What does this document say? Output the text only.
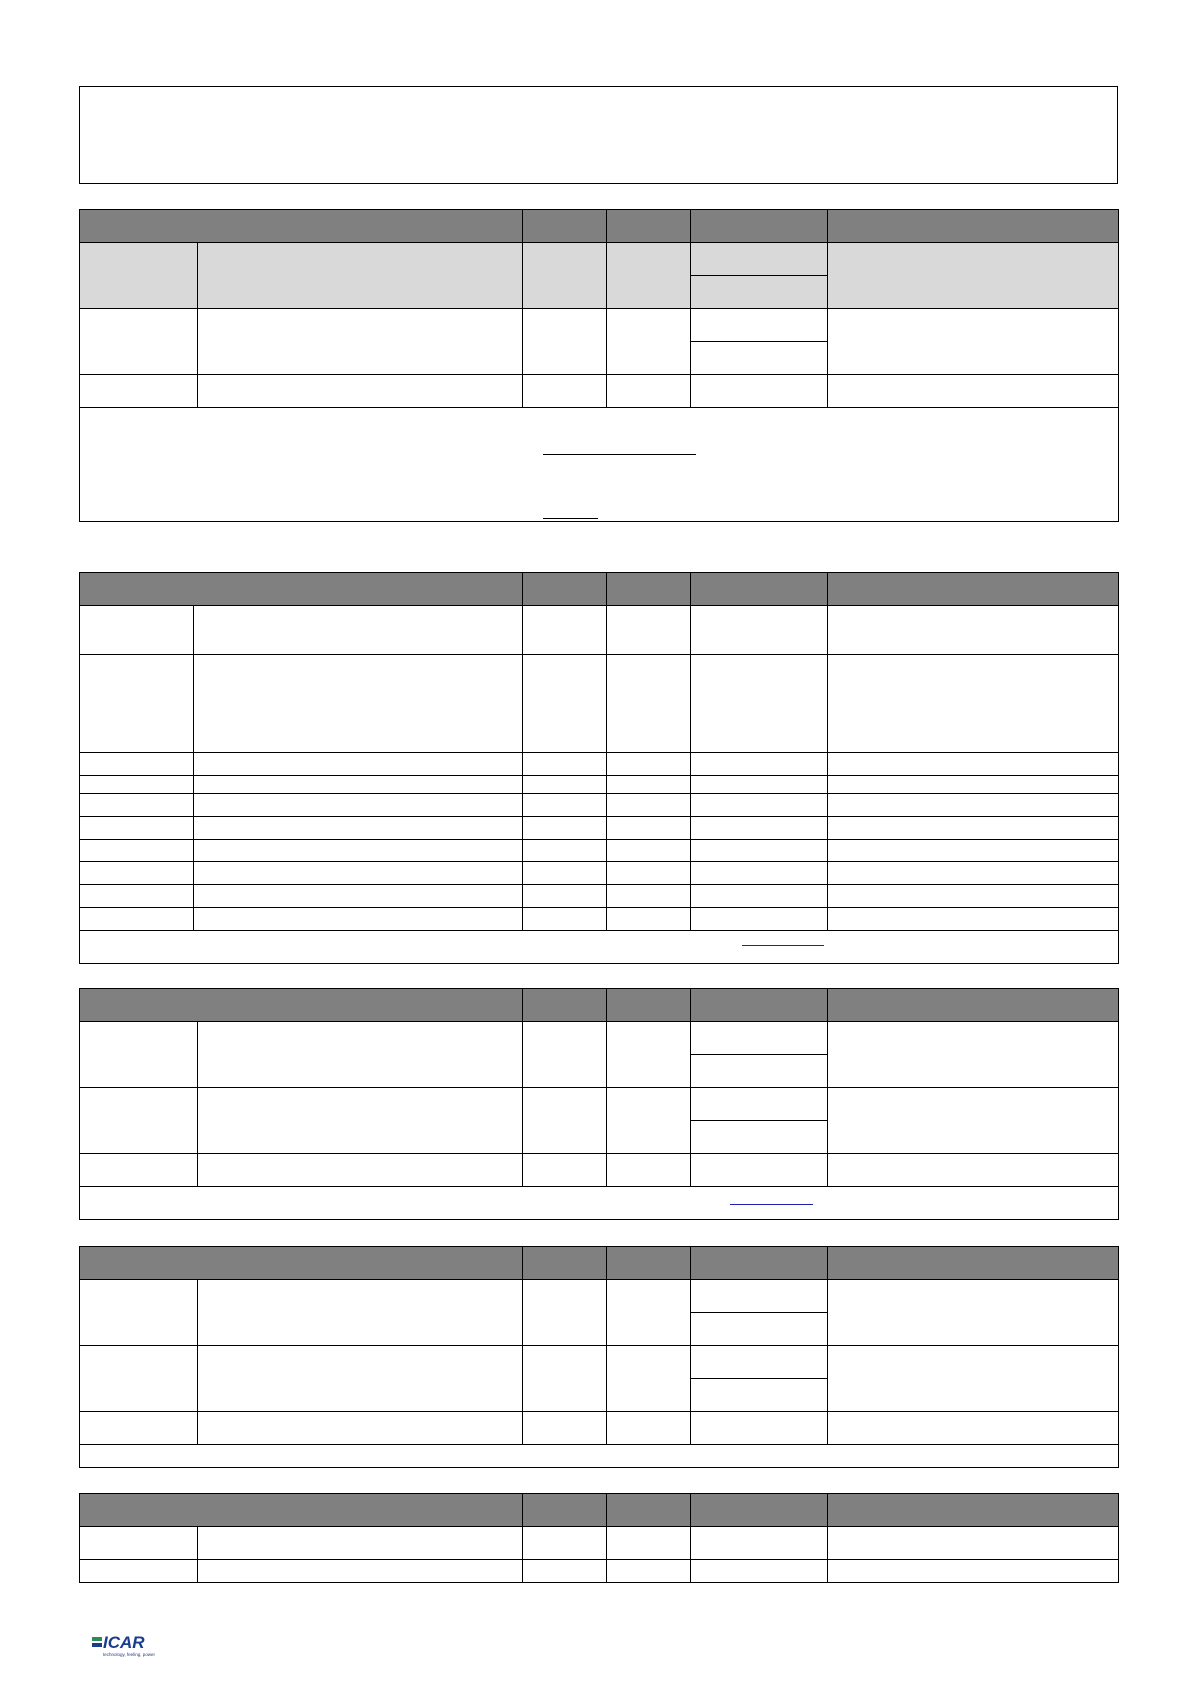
ICAR
technology, feeling, power
